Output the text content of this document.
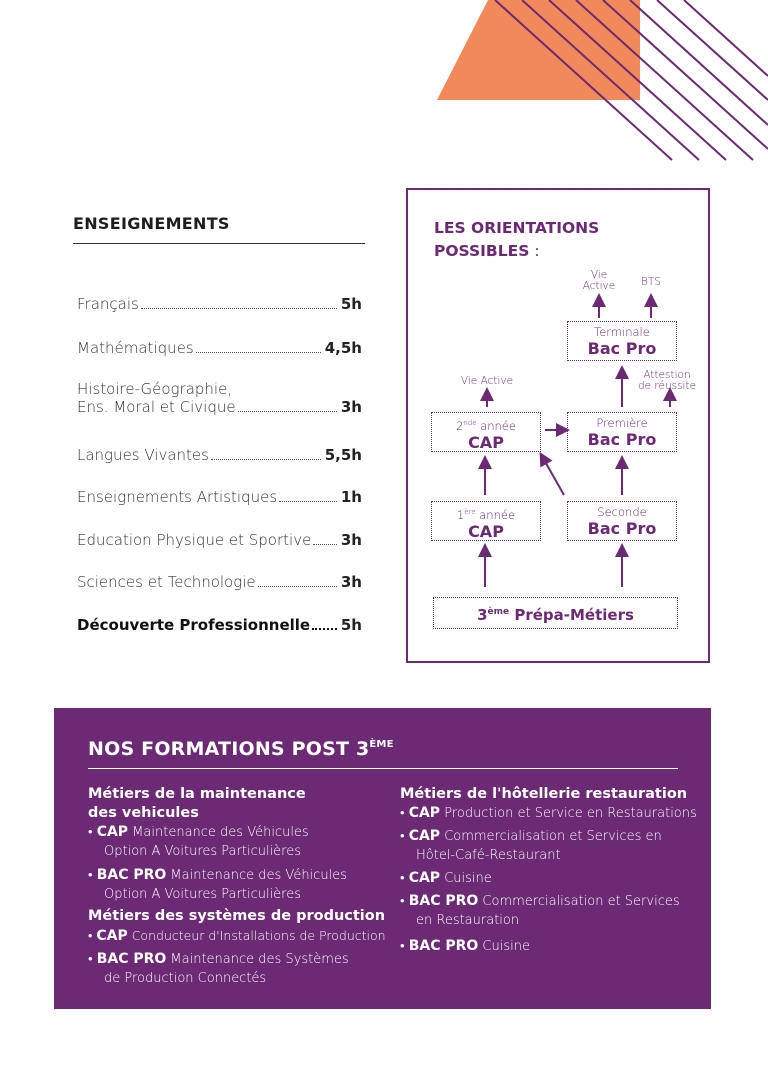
ENSEIGNEMENTS
Français	5h
Mathématiques	4,5h
Histoire-Géographie,
Ens. Moral et Civique	3h
Langues Vivantes	5,5h
Enseignements Artistiques	1h
Education Physique et Sportive 3h
Sciences et Technologie	3h
Découverte Professionnelle 5h
LES ORIENTATIONS
POSSIBLES :
Vie
Active	BTS
Vie Active	Attestion
de réussite
Terminale
Bac Pro
2nde année
CAP
Première
Bac Pro
1ère année
CAP
Seconde
Bac Pro
3ème Prépa-Métiers
NOS FORMATIONS POST 3ÈME
Métiers de la maintenance
des vehicules
• CAP Maintenance des Véhicules
Option A Voitures Particulières
• BAC PRO Maintenance des Véhicules
Option A Voitures Particulières
Métiers des systèmes de production
• CAP Conducteur d'Installations de Production
• BAC PRO Maintenance des Systèmes
de Production Connectés
Métiers de l'hôtellerie restauration
• CAP Production et Service en Restaurations
• CAP Commercialisation et Services en
Hôtel-Café-Restaurant
• CAP Cuisine
• BAC PRO Commercialisation et Services
en Restauration
• BAC PRO Cuisine
